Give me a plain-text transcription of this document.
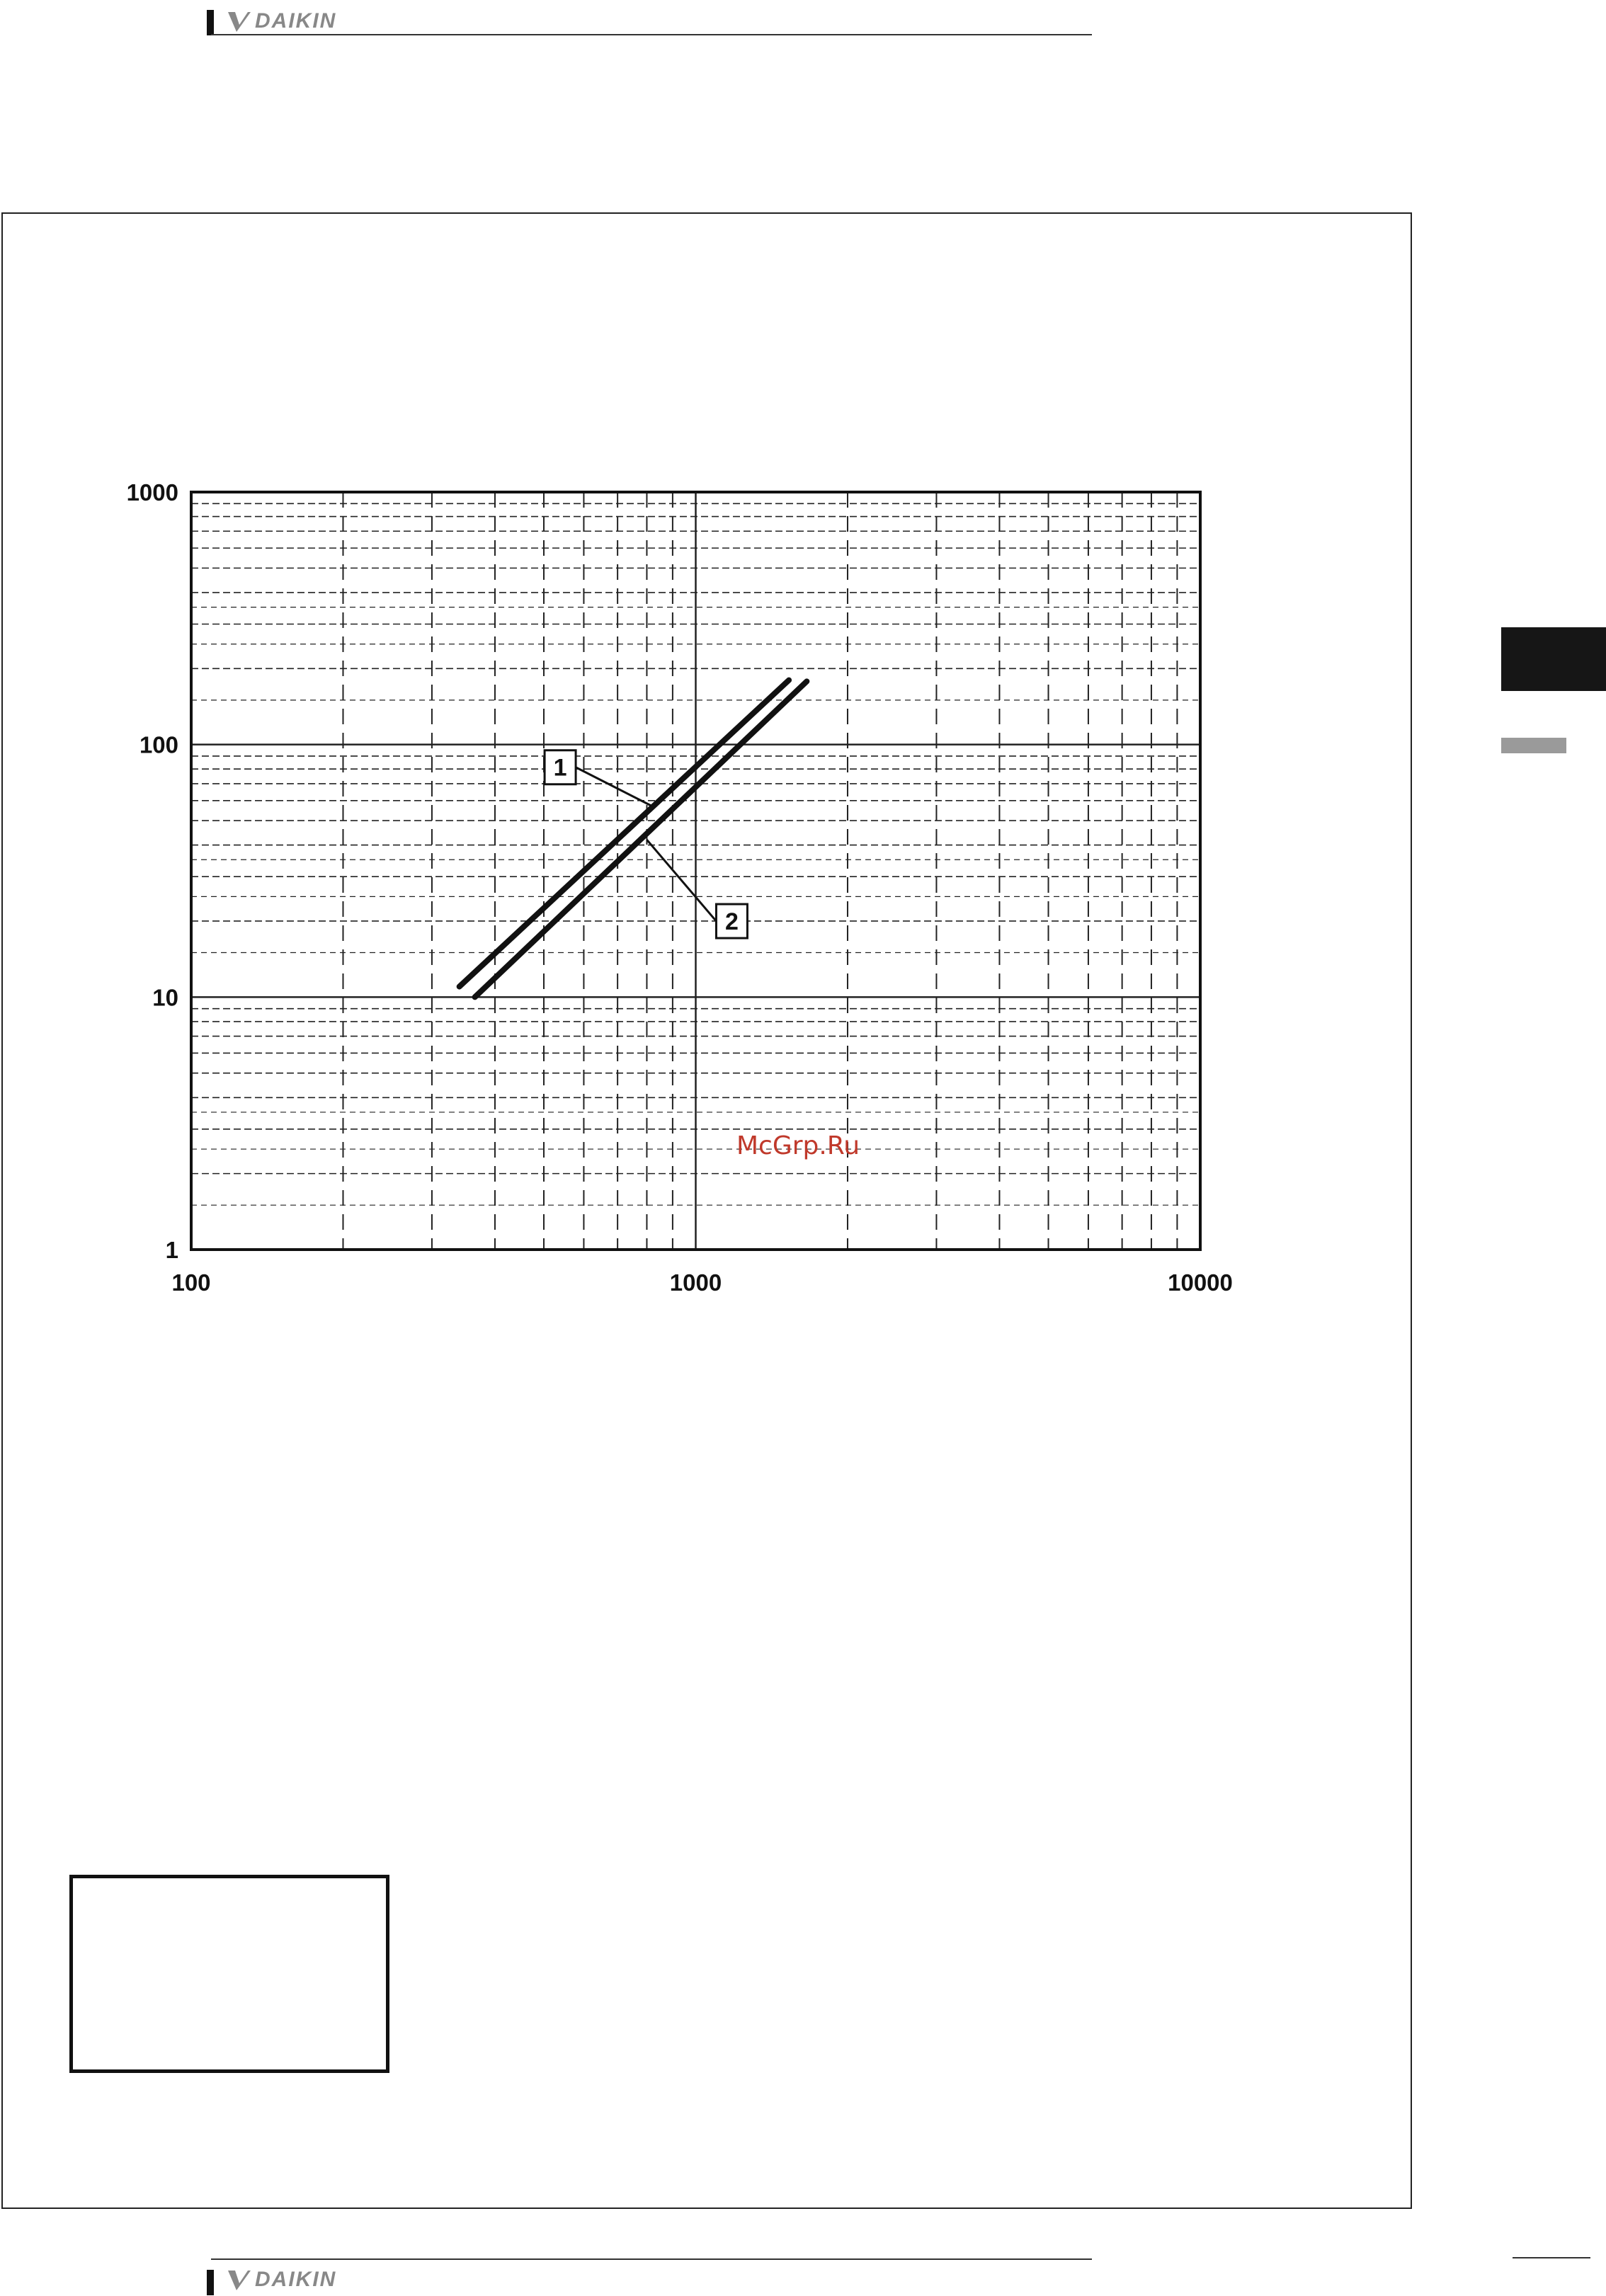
DAIKIN
1
2
100	1000	10000
1
10
100
1000
McGrp.Ru
DAIKIN
